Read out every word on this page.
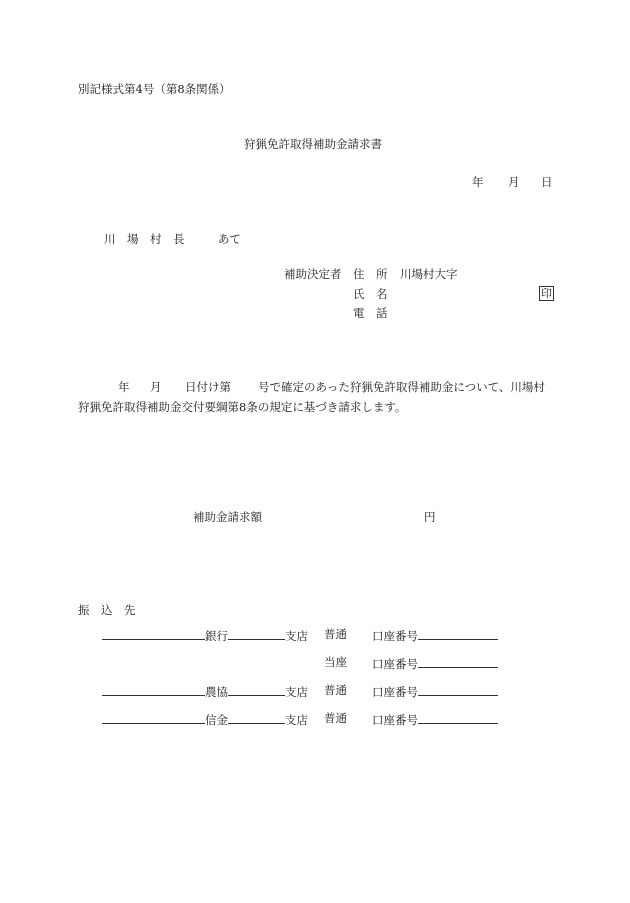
別記様式第4号（第8条関係）
狩猟免許取得補助金請求書
年 月 日
川　場　村　長	あて
補助決定者 住　所 川場村大字
氏　名	印
電　話
年 月 日付け第 号で確定のあった狩猟免許取得補助金について、川場村
狩猟免許取得補助金交付要綱第8条の規定に基づき請求します。
補助金請求額	円
振　込　先
銀行	支店 普通 口座番号
当座 口座番号
農協	支店 普通 口座番号
信金	支店 普通 口座番号
